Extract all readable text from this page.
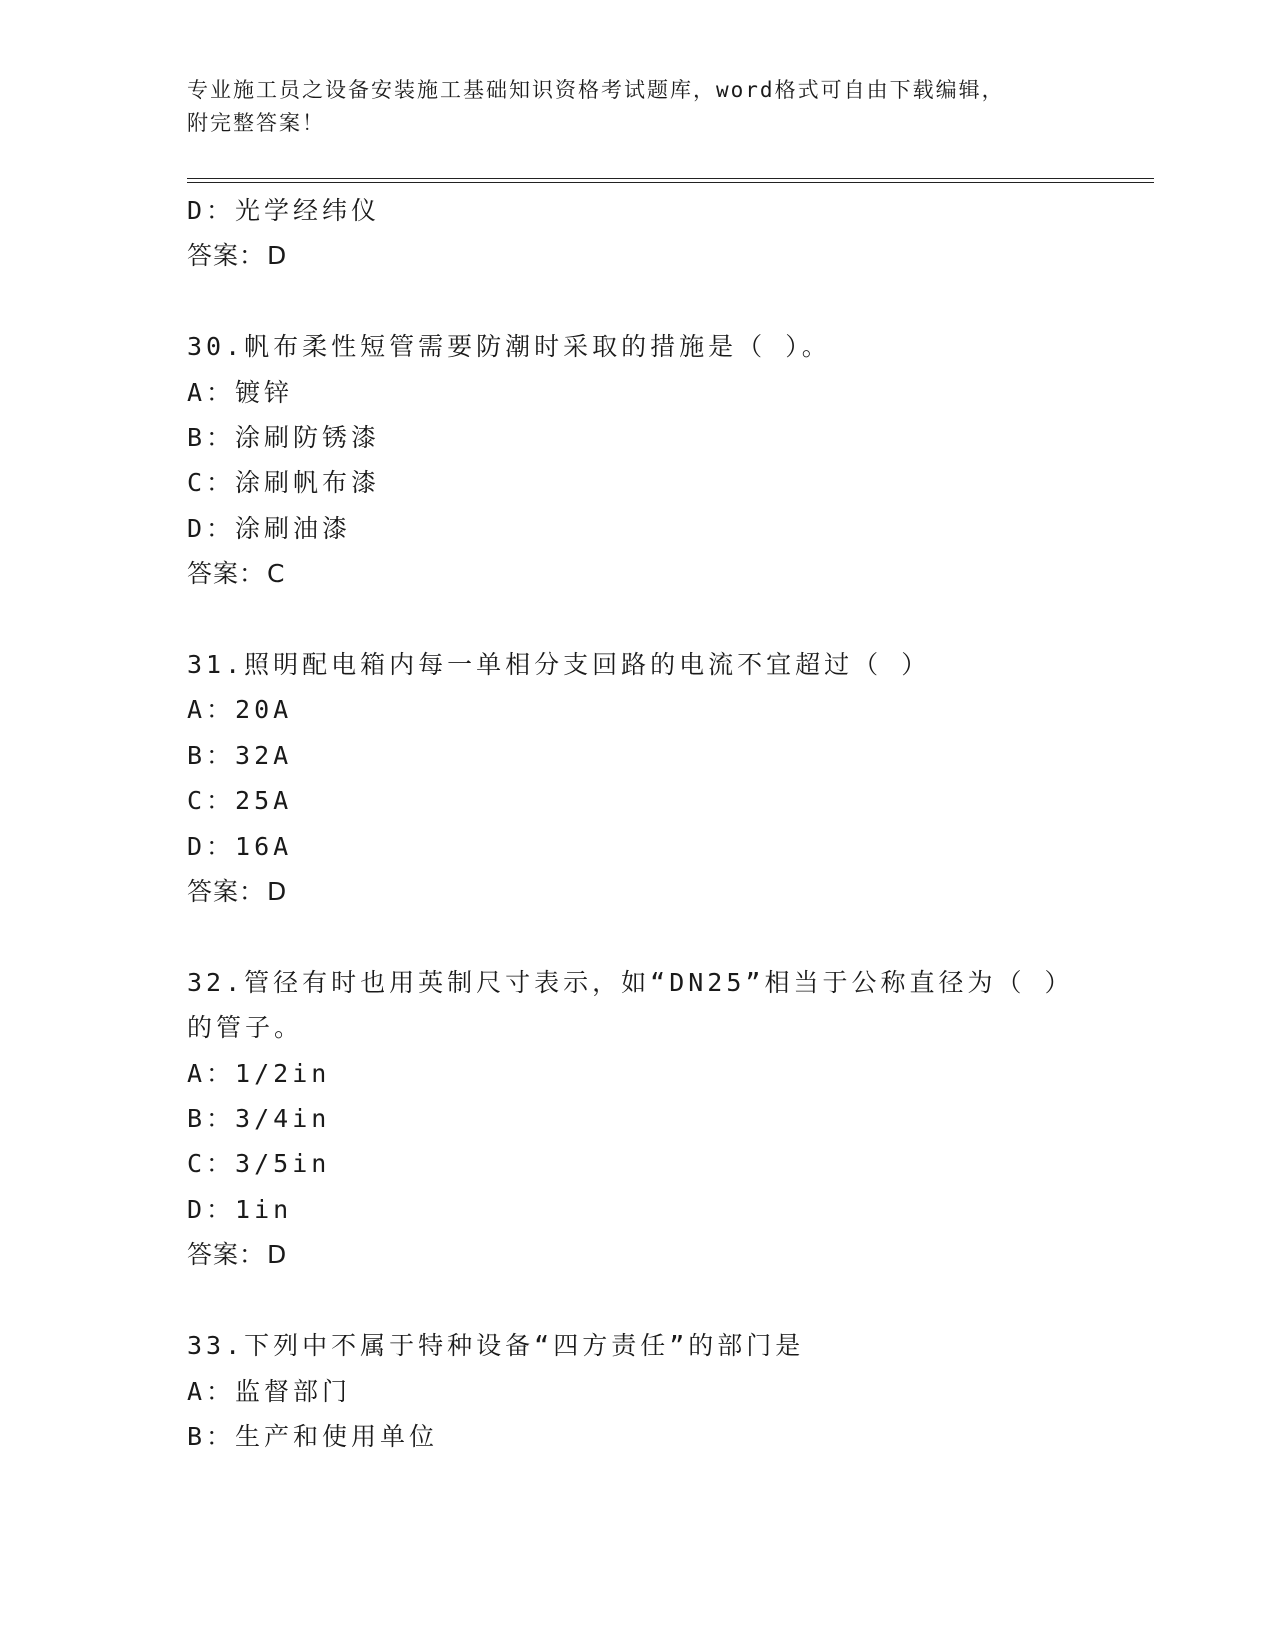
专业施工员之设备安装施工基础知识资格考试题库，word格式可自由下载编辑，
附完整答案！
D：光学经纬仪
答案：D
30.帆布柔性短管需要防潮时采取的措施是（ ）。
A：镀锌
B：涂刷防锈漆
C：涂刷帆布漆
D：涂刷油漆
答案：C
31.照明配电箱内每一单相分支回路的电流不宜超过（ ）
A：20A
B：32A
C：25A
D：16A
答案：D
32.管径有时也用英制尺寸表示，如“DN25”相当于公称直径为（ ）
的管子。
A：1/2in
B：3/4in
C：3/5in
D：1in
答案：D
33.下列中不属于特种设备“四方责任”的部门是
A：监督部门
B：生产和使用单位
